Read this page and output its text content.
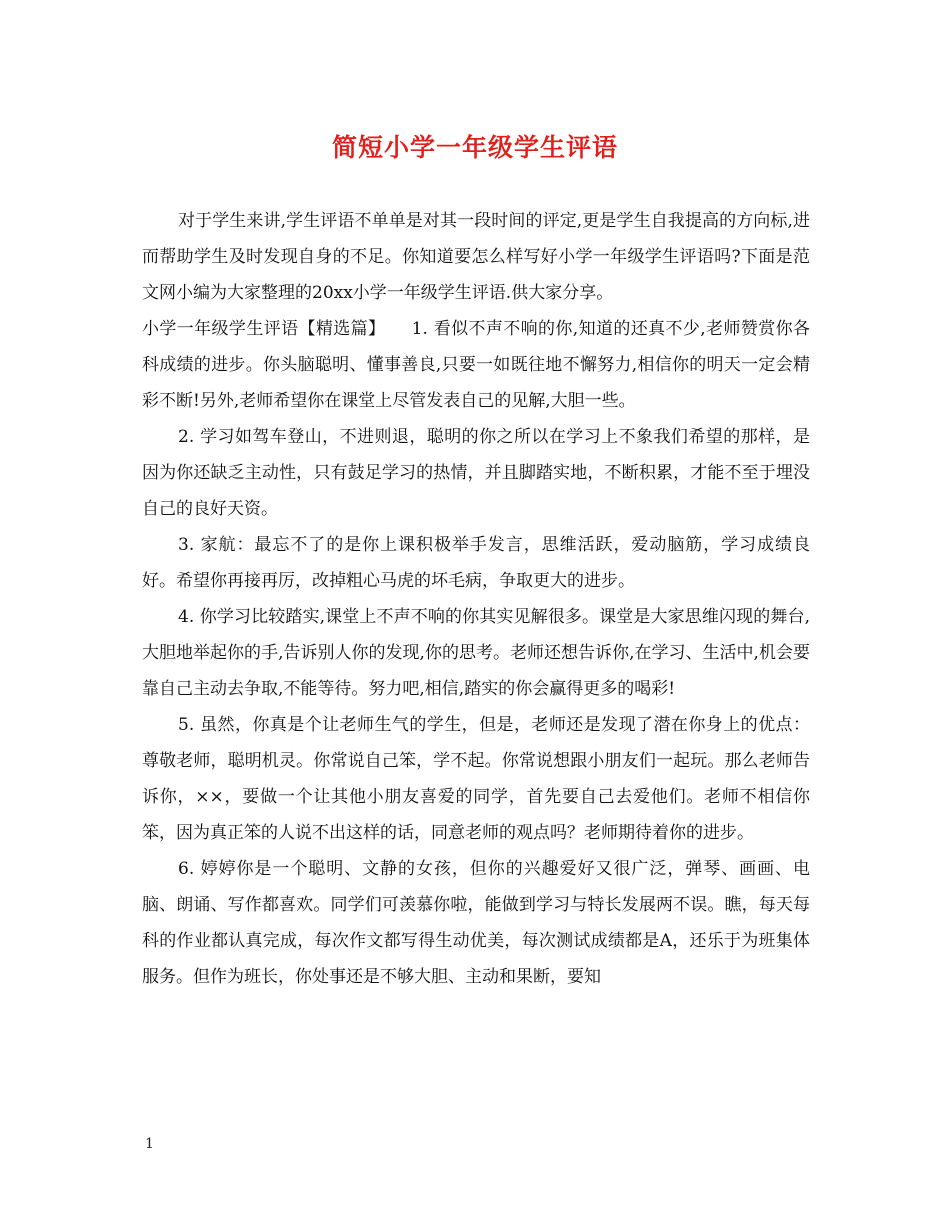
简短小学一年级学生评语

对于学生来讲,学生评语不单单是对其一段时间的评定,更是学生自我提高的方向标,进而帮助学生及时发现自身的不足。你知道要怎么样写好小学一年级学生评语吗?下面是范文网小编为大家整理的20xx小学一年级学生评语.供大家分享。

小学一年级学生评语【精选篇】　　1. 看似不声不响的你,知道的还真不少,老师赞赏你各科成绩的进步。你头脑聪明、懂事善良,只要一如既往地不懈努力,相信你的明天一定会精彩不断!另外,老师希望你在课堂上尽管发表自己的见解,大胆一些。

2. 学习如驾车登山，不进则退，聪明的你之所以在学习上不象我们希望的那样，是因为你还缺乏主动性，只有鼓足学习的热情，并且脚踏实地，不断积累，才能不至于埋没自己的良好天资。

3. 家航：最忘不了的是你上课积极举手发言，思维活跃，爱动脑筋，学习成绩良好。希望你再接再厉，改掉粗心马虎的坏毛病，争取更大的进步。

4. 你学习比较踏实,课堂上不声不响的你其实见解很多。课堂是大家思维闪现的舞台,大胆地举起你的手,告诉别人你的发现,你的思考。老师还想告诉你,在学习、生活中,机会要靠自己主动去争取,不能等待。努力吧,相信,踏实的你会赢得更多的喝彩!

5. 虽然，你真是个让老师生气的学生，但是，老师还是发现了潜在你身上的优点：尊敬老师，聪明机灵。你常说自己笨，学不起。你常说想跟小朋友们一起玩。那么老师告诉你，××，要做一个让其他小朋友喜爱的同学，首先要自己去爱他们。老师不相信你笨，因为真正笨的人说不出这样的话，同意老师的观点吗？老师期待着你的进步。

6. 婷婷你是一个聪明、文静的女孩，但你的兴趣爱好又很广泛，弹琴、画画、电脑、朗诵、写作都喜欢。同学们可羡慕你啦，能做到学习与特长发展两不误。瞧，每天每科的作业都认真完成，每次作文都写得生动优美，每次测试成绩都是A，还乐于为班集体服务。但作为班长，你处事还是不够大胆、主动和果断，要知

1
